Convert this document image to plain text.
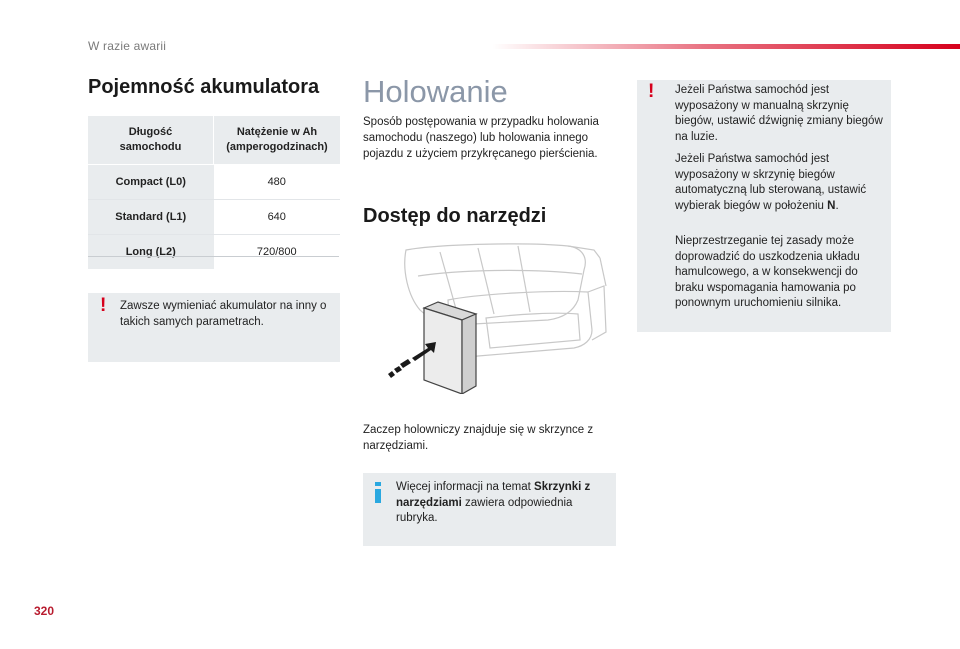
W razie awarii
Pojemność akumulatora
Długość samochodu	Natężenie w Ah (amperogodzinach)

Compact (L0)	480
Standard (L1)	640
Long (L2)	720/800
! Zawsze wymieniać akumulator na inny o takich samych parametrach.

Holowanie

Sposób postępowania w przypadku holowania samochodu (naszego) lub holowania innego pojazdu z użyciem przykręcanego pierścienia.

Dostęp do narzędzi

Zaczep holowniczy znajduje się w skrzynce z narzędziami.

Więcej informacji na temat Skrzynki z narzędziami zawiera odpowiednia rubryka.

! Jeżeli Państwa samochód jest wyposażony w manualną skrzynię biegów, ustawić dźwignię zmiany biegów na luzie.

Jeżeli Państwa samochód jest wyposażony w skrzynię biegów automatyczną lub sterowaną, ustawić wybierak biegów w położeniu N.

Nieprzestrzeganie tej zasady może doprowadzić do uszkodzenia układu hamulcowego, a w konsekwencji do braku wspomagania hamowania po ponownym uruchomieniu silnika.

320
